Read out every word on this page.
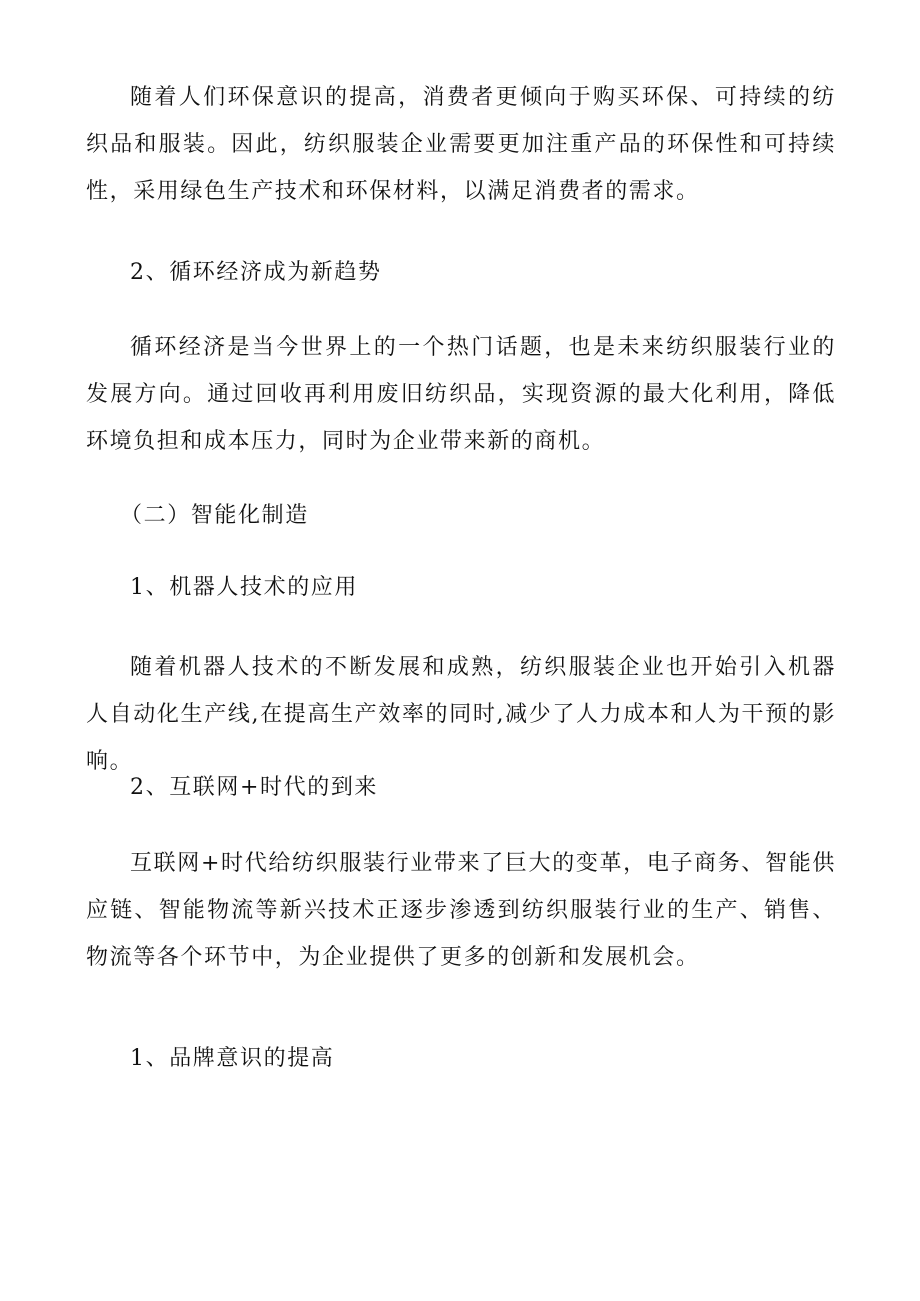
随着人们环保意识的提高，消费者更倾向于购买环保、可持续的纺织品和服装。因此，纺织服装企业需要更加注重产品的环保性和可持续性，采用绿色生产技术和环保材料，以满足消费者的需求。

2、循环经济成为新趋势

循环经济是当今世界上的一个热门话题，也是未来纺织服装行业的发展方向。通过回收再利用废旧纺织品，实现资源的最大化利用，降低环境负担和成本压力，同时为企业带来新的商机。

（二）智能化制造

1、机器人技术的应用

随着机器人技术的不断发展和成熟，纺织服装企业也开始引入机器人自动化生产线,在提高生产效率的同时,减少了人力成本和人为干预的影响。

2、互联网+时代的到来

互联网+时代给纺织服装行业带来了巨大的变革，电子商务、智能供应链、智能物流等新兴技术正逐步渗透到纺织服装行业的生产、销售、物流等各个环节中，为企业提供了更多的创新和发展机会。

1、品牌意识的提高
